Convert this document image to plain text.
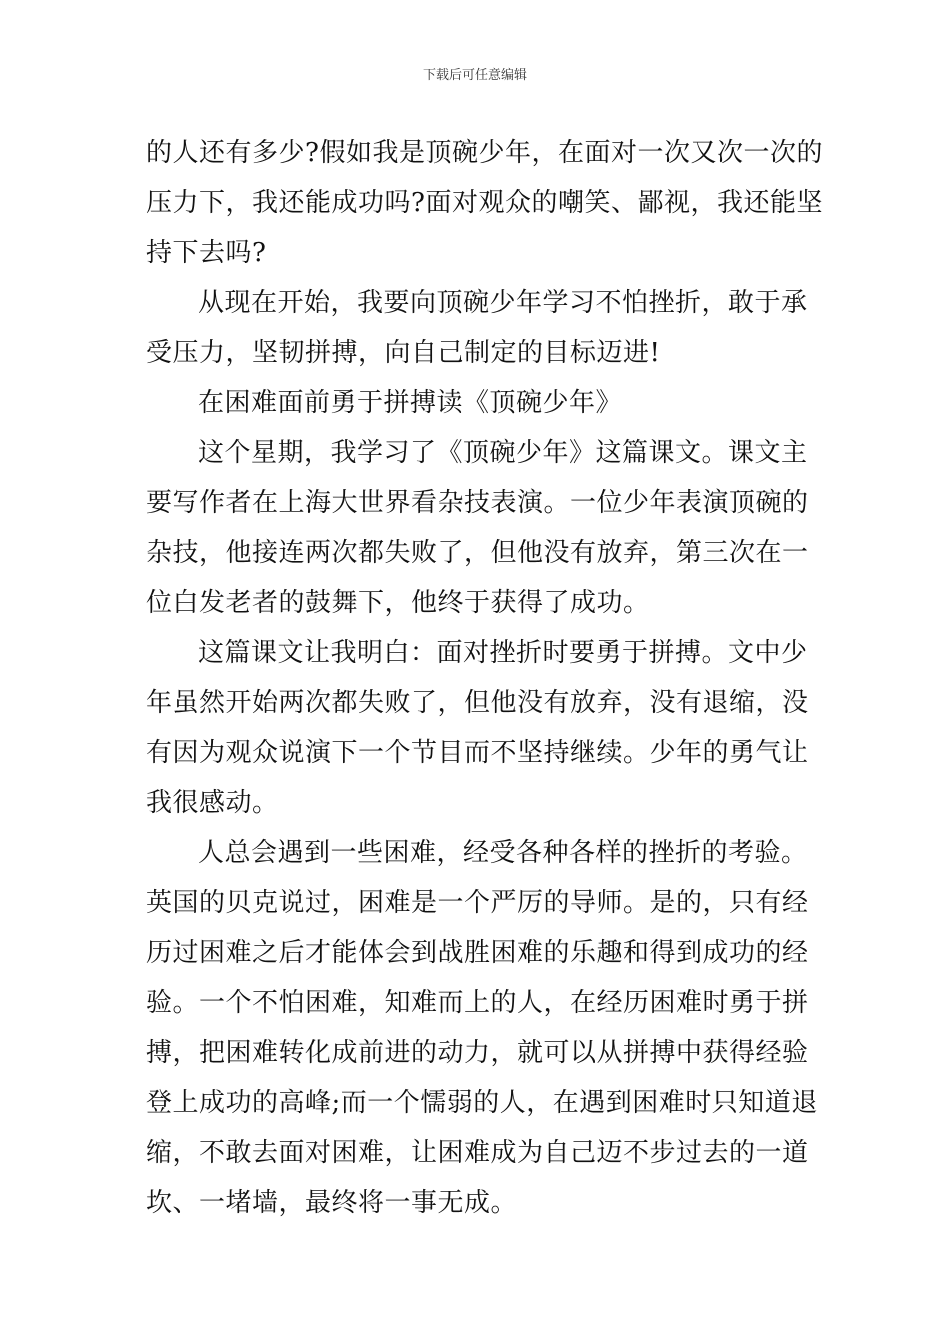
下载后可任意编辑
的人还有多少?假如我是顶碗少年，在面对一次又次一次的
压力下，我还能成功吗?面对观众的嘲笑、鄙视，我还能坚
持下去吗?
从现在开始，我要向顶碗少年学习不怕挫折，敢于承
受压力，坚韧拼搏，向自己制定的目标迈进!
在困难面前勇于拼搏读《顶碗少年》
这个星期，我学习了《顶碗少年》这篇课文。课文主
要写作者在上海大世界看杂技表演。一位少年表演顶碗的
杂技，他接连两次都失败了，但他没有放弃，第三次在一
位白发老者的鼓舞下，他终于获得了成功。
这篇课文让我明白：面对挫折时要勇于拼搏。文中少
年虽然开始两次都失败了，但他没有放弃，没有退缩，没
有因为观众说演下一个节目而不坚持继续。少年的勇气让
我很感动。
人总会遇到一些困难，经受各种各样的挫折的考验。
英国的贝克说过，困难是一个严厉的导师。是的，只有经
历过困难之后才能体会到战胜困难的乐趣和得到成功的经
验。一个不怕困难，知难而上的人，在经历困难时勇于拼
搏，把困难转化成前进的动力，就可以从拼搏中获得经验
登上成功的高峰;而一个懦弱的人，在遇到困难时只知道退
缩，不敢去面对困难，让困难成为自己迈不步过去的一道
坎、一堵墙，最终将一事无成。
